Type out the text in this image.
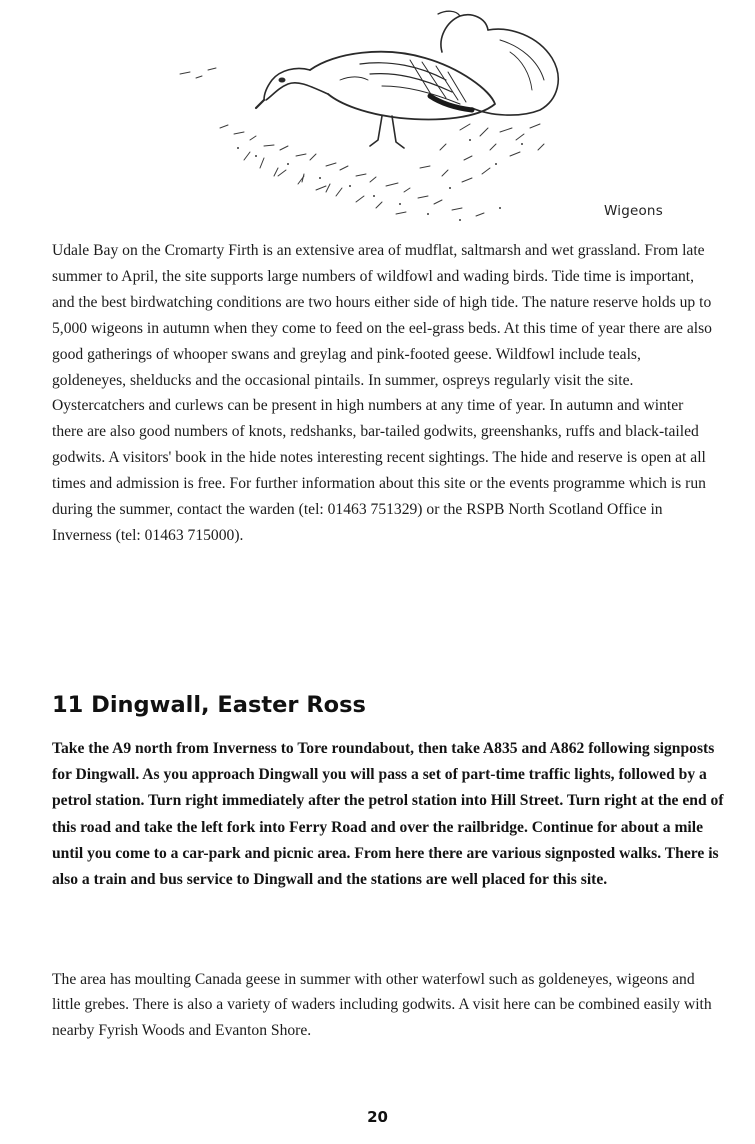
Wigeons

Udale Bay on the Cromarty Firth is an extensive area of mudflat, saltmarsh and wet grassland. From late summer to April, the site supports large numbers of wildfowl and wading birds. Tide time is important, and the best birdwatching conditions are two hours either side of high tide. The nature reserve holds up to 5,000 wigeons in autumn when they come to feed on the eel-grass beds. At this time of year there are also good gatherings of whooper swans and greylag and pink-footed geese. Wildfowl include teals, goldeneyes, shelducks and the occasional pintails. In summer, ospreys regularly visit the site. Oystercatchers and curlews can be present in high numbers at any time of year. In autumn and winter there are also good numbers of knots, redshanks, bar-tailed godwits, greenshanks, ruffs and black-tailed godwits. A visitors' book in the hide notes interesting recent sightings. The hide and reserve is open at all times and admission is free. For further information about this site or the events programme which is run during the summer, contact the warden (tel: 01463 751329) or the RSPB North Scotland Office in Inverness (tel: 01463 715000).

11 Dingwall, Easter Ross

Take the A9 north from Inverness to Tore roundabout, then take A835 and A862 following signposts for Dingwall. As you approach Dingwall you will pass a set of part-time traffic lights, followed by a petrol station. Turn right immediately after the petrol station into Hill Street. Turn right at the end of this road and take the left fork into Ferry Road and over the railbridge. Continue for about a mile until you come to a car-park and picnic area. From here there are various signposted walks. There is also a train and bus service to Dingwall and the stations are well placed for this site.

The area has moulting Canada geese in summer with other waterfowl such as goldeneyes, wigeons and little grebes. There is also a variety of waders including godwits. A visit here can be combined easily with nearby Fyrish Woods and Evanton Shore.

20
